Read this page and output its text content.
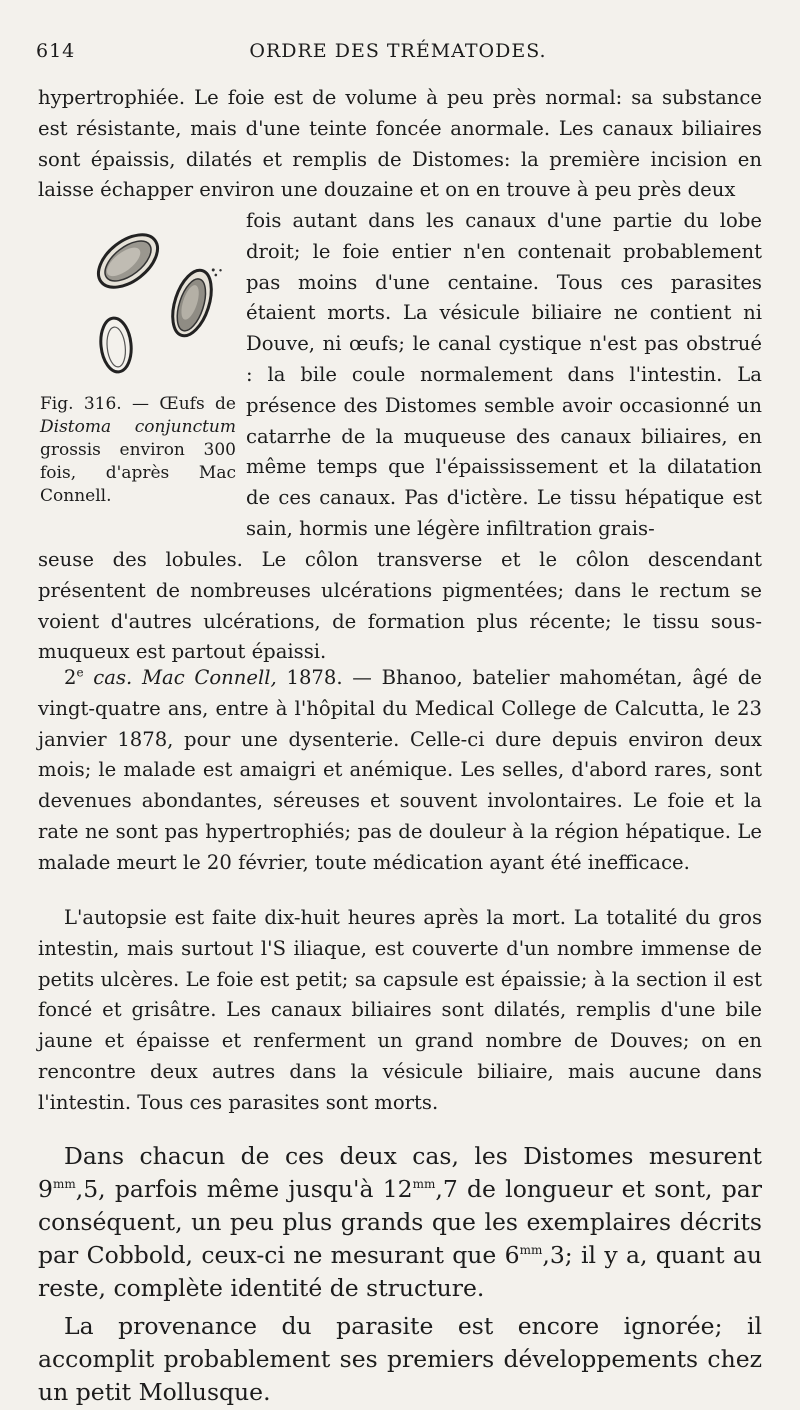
614	ORDRE DES TRÉMATODES.

hypertrophiée. Le foie est de volume à peu près normal: sa substance est résistante, mais d'une teinte foncée anormale. Les canaux biliaires sont épaissis, dilatés et remplis de Distomes: la première incision en laisse échapper environ une douzaine et on en trouve à peu près deux

Fig. 316. — Œufs de Distoma conjunctum grossis environ 300 fois, d'après Mac Connell.

fois autant dans les canaux d'une partie du lobe droit; le foie entier n'en contenait probablement pas moins d'une centaine. Tous ces parasites étaient morts. La vésicule biliaire ne contient ni Douve, ni œufs; le canal cystique n'est pas obstrué : la bile coule normalement dans l'intestin. La présence des Distomes semble avoir occasionné un catarrhe de la muqueuse des canaux biliaires, en même temps que l'épaississement et la dilatation de ces canaux. Pas d'ictère. Le tissu hépatique est sain, hormis une légère infiltration grais-

seuse des lobules. Le côlon transverse et le côlon descendant présentent de nombreuses ulcérations pigmentées; dans le rectum se voient d'autres ulcérations, de formation plus récente; le tissu sous-muqueux est partout épaissi.

2e cas. Mac Connell, 1878. — Bhanoo, batelier mahométan, âgé de vingt-quatre ans, entre à l'hôpital du Medical College de Calcutta, le 23 janvier 1878, pour une dysenterie. Celle-ci dure depuis environ deux mois; le malade est amaigri et anémique. Les selles, d'abord rares, sont devenues abondantes, séreuses et souvent involontaires. Le foie et la rate ne sont pas hypertrophiés; pas de douleur à la région hépatique. Le malade meurt le 20 février, toute médication ayant été inefficace.

L'autopsie est faite dix-huit heures après la mort. La totalité du gros intestin, mais surtout l'S iliaque, est couverte d'un nombre immense de petits ulcères. Le foie est petit; sa capsule est épaissie; à la section il est foncé et grisâtre. Les canaux biliaires sont dilatés, remplis d'une bile jaune et épaisse et renferment un grand nombre de Douves; on en rencontre deux autres dans la vésicule biliaire, mais aucune dans l'intestin. Tous ces parasites sont morts.

Dans chacun de ces deux cas, les Distomes mesurent $9^{mm},5$, parfois même jusqu'à $12^{mm},7$ de longueur et sont, par conséquent, un peu plus grands que les exemplaires décrits par Cobbold, ceux-ci ne mesurant que $6^{mm},3$; il y a, quant au reste, complète identité de structure.

La provenance du parasite est encore ignorée; il accomplit probablement ses premiers développements chez un petit Mollusque.
